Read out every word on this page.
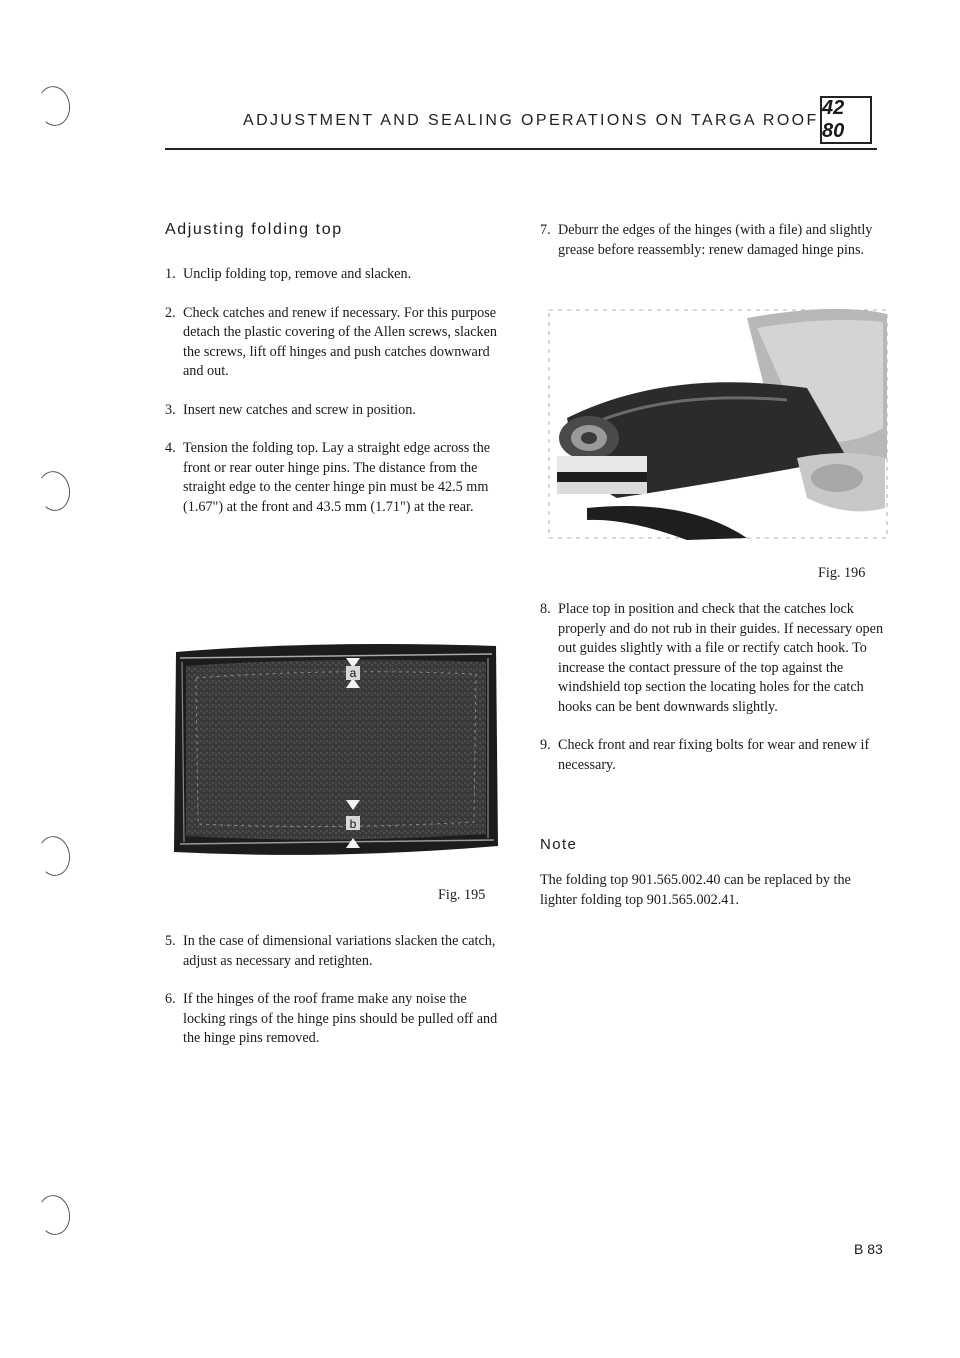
ADJUSTMENT AND SEALING OPERATIONS ON TARGA ROOF
42 80
Adjusting folding top
1. Unclip folding top, remove and slacken.
2. Check catches and renew if necessary. For this purpose detach the plastic covering of the Allen screws, slacken the screws, lift off hinges and push catches downward and out.
3. Insert new catches and screw in position.
4. Tension the folding top. Lay a straight edge across the front or rear outer hinge pins. The distance from the straight edge to the center hinge pin must be 42.5 mm (1.67") at the front and 43.5 mm (1.71") at the rear.
a
b
Fig. 195
5. In the case of dimensional variations slacken the catch, adjust as necessary and retighten.
6. If the hinges of the roof frame make any noise the locking rings of the hinge pins should be pulled off and the hinge pins removed.
7. Deburr the edges of the hinges (with a file) and slightly grease before reassembly: renew damaged hinge pins.
Fig. 196
8. Place top in position and check that the catches lock properly and do not rub in their guides. If necessary open out guides slightly with a file or rectify catch hook. To increase the contact pressure of the top against the windshield top section the locating holes for the catch hooks can be bent downwards slightly.
9. Check front and rear fixing bolts for wear and renew if necessary.
Note
The folding top 901.565.002.40 can be replaced by the lighter folding top 901.565.002.41.
B 83
